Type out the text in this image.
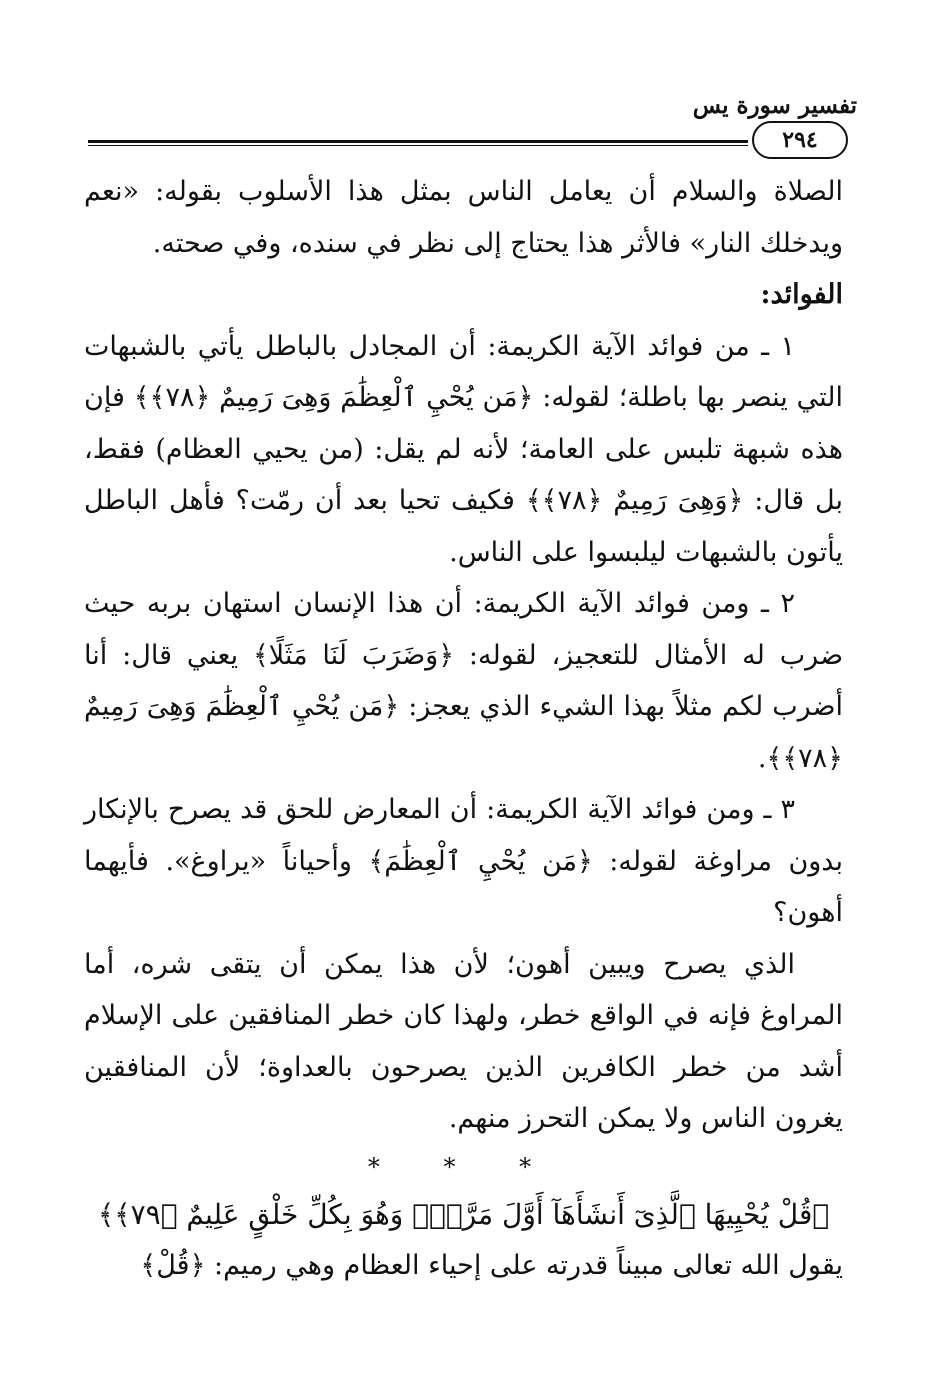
تفسير سورة يس
٢٩٤

الصلاة والسلام أن يعامل الناس بمثل هذا الأسلوب بقوله: «نعم ويدخلك النار» فالأثر هذا يحتاج إلى نظر في سنده، وفي صحته.

الفوائد:

١ ـ من فوائد الآية الكريمة: أن المجادل بالباطل يأتي بالشبهات التي ينصر بها باطلة؛ لقوله: ﴿مَن يُحْيِ ٱلْعِظَٰمَ وَهِىَ رَمِيمٌ ﴿٧٨﴾﴾ فإن هذه شبهة تلبس على العامة؛ لأنه لم يقل: (من يحيي العظام) فقط، بل قال: ﴿وَهِىَ رَمِيمٌ ﴿٧٨﴾﴾ فكيف تحيا بعد أن رمّت؟ فأهل الباطل يأتون بالشبهات ليلبسوا على الناس.

٢ ـ ومن فوائد الآية الكريمة: أن هذا الإنسان استهان بربه حيث ضرب له الأمثال للتعجيز، لقوله: ﴿وَضَرَبَ لَنَا مَثَلًا﴾ يعني قال: أنا أضرب لكم مثلاً بهذا الشيء الذي يعجز: ﴿مَن يُحْيِ ٱلْعِظَٰمَ وَهِىَ رَمِيمٌ ﴿٧٨﴾﴾.

٣ ـ ومن فوائد الآية الكريمة: أن المعارض للحق قد يصرح بالإنكار بدون مراوغة لقوله: ﴿مَن يُحْيِ ٱلْعِظَٰمَ﴾ وأحياناً «يراوغ». فأيهما أهون؟

الذي يصرح ويبين أهون؛ لأن هذا يمكن أن يتقى شره، أما المراوغ فإنه في الواقع خطر، ولهذا كان خطر المنافقين على الإسلام أشد من خطر الكافرين الذين يصرحون بالعداوة؛ لأن المنافقين يغرون الناس ولا يمكن التحرز منهم.

* * *

﴿قُلْ يُحْيِيهَا ٱلَّذِىٓ أَنشَأَهَآ أَوَّلَ مَرَّةٍۖ وَهُوَ بِكُلِّ خَلْقٍ عَلِيمٌ ﴿٧٩﴾﴾

يقول الله تعالى مبيناً قدرته على إحياء العظام وهي رميم: ﴿قُلْ﴾
